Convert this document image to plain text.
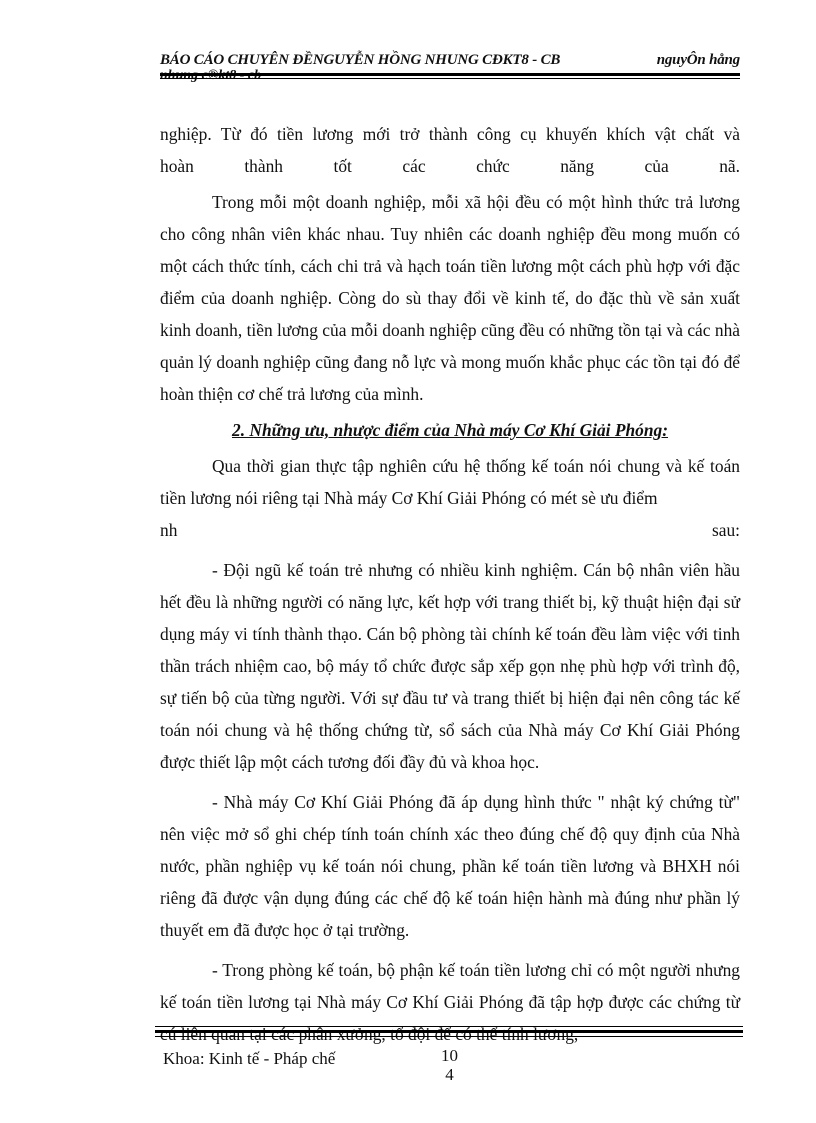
BÁO CÁO CHUYÊN ĐỀNGUYỄN HỒNG NHUNG CĐKT8 - CB	nguyÔn hång
nhung c®kt8 - cb

nghiệp. Từ đó tiền lương mới trở thành công cụ khuyến khích vật chất và

hoàn thành tốt các chức năng của nã.

Trong mỗi một doanh nghiệp, mỗi xã hội đều có một hình thức trả lương cho công nhân viên khác nhau. Tuy nhiên các doanh nghiệp đều mong muốn có một cách thức tính, cách chi trả và hạch toán tiền lương một cách phù hợp với đặc điểm của doanh nghiệp. Còng do sù thay đổi về kinh tế, do đặc thù về sản xuất kinh doanh, tiền lương của mỗi doanh nghiệp cũng đều có những tồn tại và các nhà quản lý doanh nghiệp cũng đang nỗ lực và mong muốn khắc phục các tồn tại đó để hoàn thiện cơ chế trả lương của mình.

2. Những ưu, nhược điểm của Nhà máy Cơ Khí Giải Phóng:

Qua thời gian thực tập nghiên cứu hệ thống kế toán nói chung và kế toán tiền lương nói riêng tại Nhà máy Cơ Khí Giải Phóng có mét sè ưu điểm

nh	sau:

- Đội ngũ kế toán trẻ nhưng có nhiều kinh nghiệm. Cán bộ nhân viên hầu hết đều là những người có năng lực, kết hợp với trang thiết bị, kỹ thuật hiện đại sử dụng máy vi tính thành thạo. Cán bộ phòng tài chính kế toán đều làm việc với tinh thần trách nhiệm cao, bộ máy tổ chức được sắp xếp gọn nhẹ phù hợp với trình độ, sự tiến bộ của từng người. Với sự đầu tư và trang thiết bị hiện đại nên công tác kế toán nói chung và hệ thống chứng từ, sổ sách của Nhà máy Cơ Khí Giải Phóng được thiết lập một cách tương đối đầy đủ và khoa học.

- Nhà máy Cơ Khí Giải Phóng đã áp dụng hình thức " nhật ký chứng từ" nên việc mở sổ ghi chép tính toán chính xác theo đúng chế độ quy định của Nhà nước, phần nghiệp vụ kế toán nói chung, phần kế toán tiền lương và BHXH nói riêng đã được vận dụng đúng các chế độ kế toán hiện hành mà đúng như phần lý thuyết em đã được học ở tại trường.

- Trong phòng kế toán, bộ phận kế toán tiền lương chỉ có một người nhưng kế toán tiền lương tại Nhà máy Cơ Khí Giải Phóng đã tập hợp được các chứng từ cú liên quan tại các phân xưởng, tổ đội để có thể tính lương,

Khoa: Kinh tế - Pháp chế	10
4
